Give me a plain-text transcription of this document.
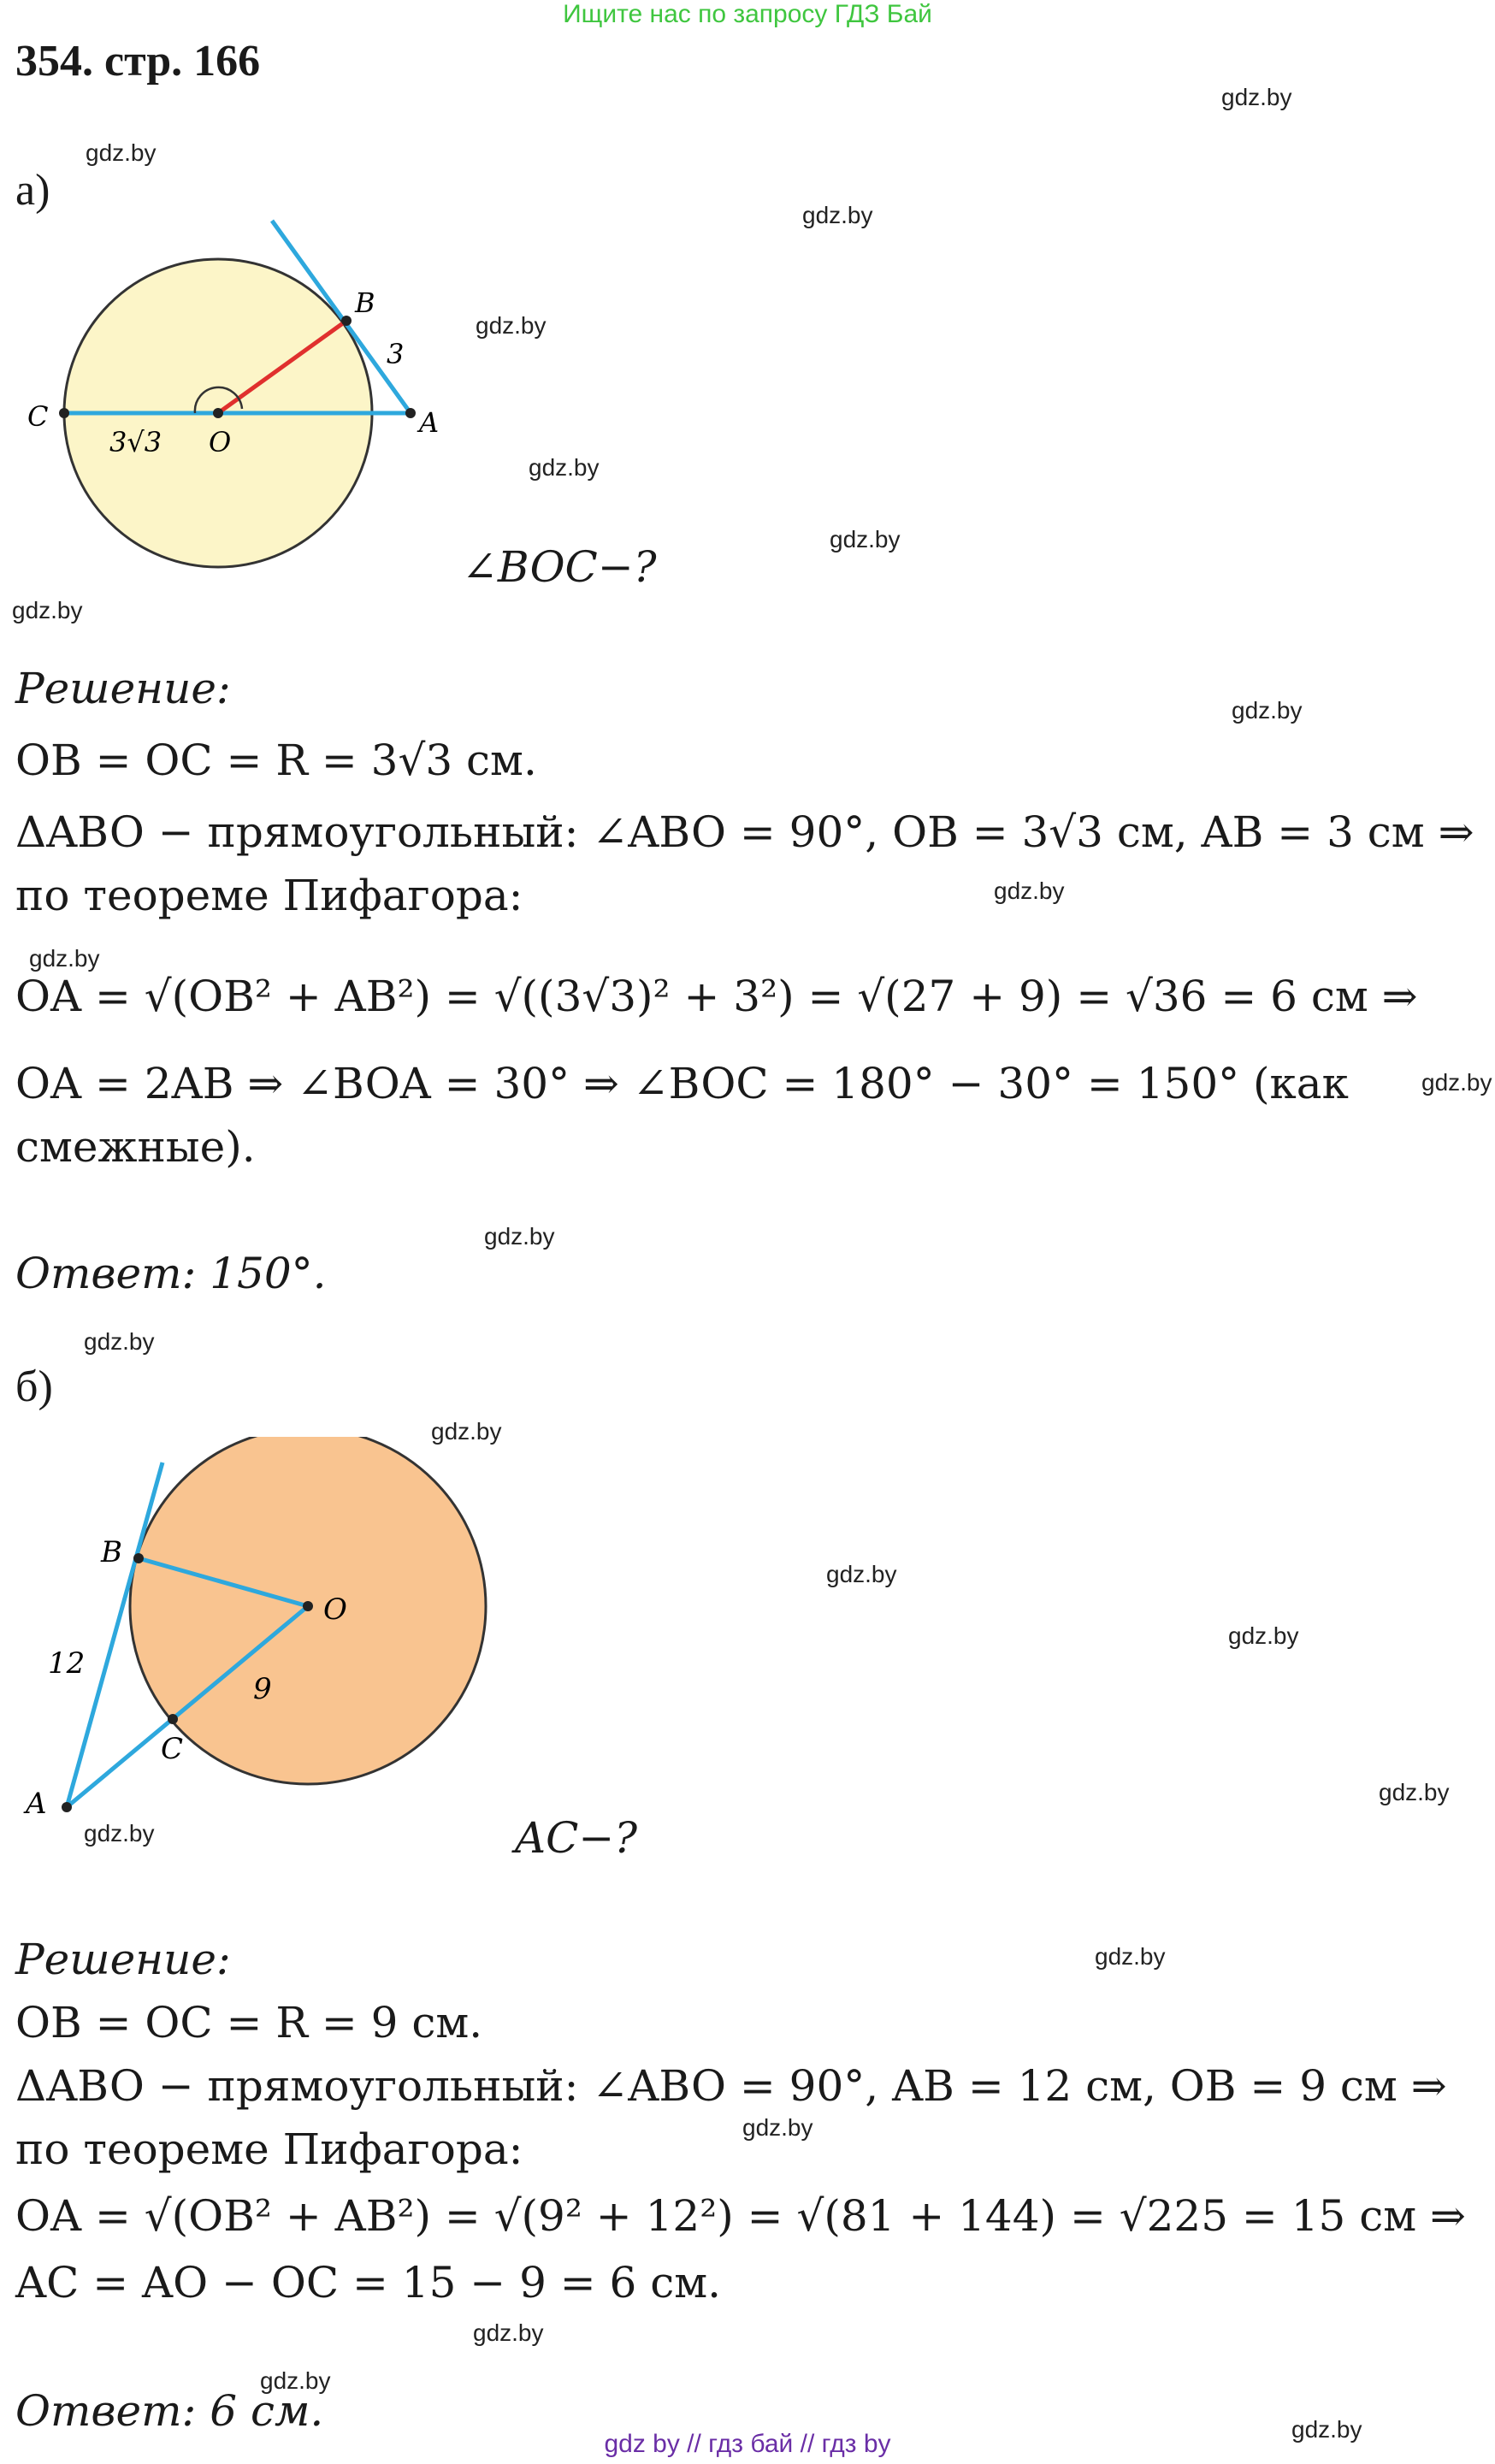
Ищите нас по запросу ГДЗ Бай
354. стр. 166
gdz.by
gdz.by
gdz.by
gdz.by
gdz.by
gdz.by
gdz.by
gdz.by
gdz.by
gdz.by
gdz.by
gdz.by
gdz.by
gdz.by
gdz.by
gdz.by
gdz.by
gdz.by
gdz.by
gdz.by
gdz.by
gdz.by
gdz.by
а)
C
O
B
A
3
3√3
∠BOC−?
Решение:
OB = OC = R = 3√3 см.
ΔABO − прямоугольный: ∠ABO = 90°, OB = 3√3 см, AB = 3 см ⇒
по теореме Пифагора:
OA = √(OB² + AB²) = √((3√3)² + 3²) = √(27 + 9) = √36 = 6 см ⇒
OA = 2AB ⇒ ∠BOA = 30° ⇒ ∠BOC = 180° − 30° = 150° (как
смежные).
Ответ: 150°.
б)
B
O
C
A
12
9
AC−?
Решение:
OB = OC = R = 9 см.
ΔABO − прямоугольный: ∠ABO = 90°, AB = 12 см, OB = 9 см ⇒
по теореме Пифагора:
OA = √(OB² + AB²) = √(9² + 12²) = √(81 + 144) = √225 = 15 см ⇒
AC = AO − OC = 15 − 9 = 6 см.
Ответ: 6 см.
gdz by // гдз бай // гдз by
